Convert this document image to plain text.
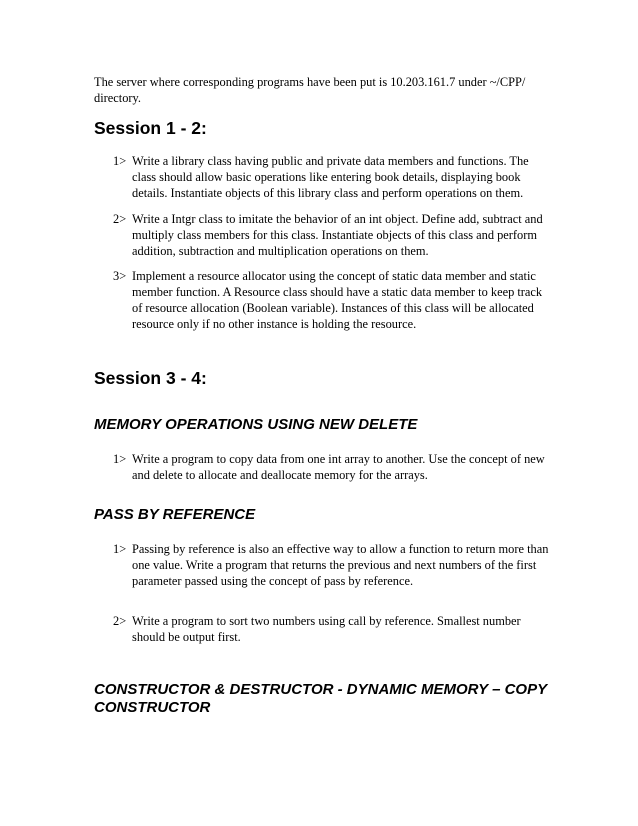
The server where corresponding programs have been put is 10.203.161.7 under ~/CPP/ directory.
Session 1 - 2:
1> Write a library class having public and private data members and functions. The class should allow basic operations like entering book details, displaying book details. Instantiate objects of this library class and perform operations on them.
2> Write a Intgr class to imitate the behavior of an int object. Define add, subtract and multiply class members for this class. Instantiate objects of this class and perform addition, subtraction and multiplication operations on them.
3> Implement a resource allocator using the concept of static data member and static member function. A Resource class should have a static data member to keep track of resource allocation (Boolean variable). Instances of this class will be allocated resource only if no other instance is holding the resource.
Session 3 - 4:
MEMORY OPERATIONS USING NEW DELETE
1> Write a program to copy data from one int array to another. Use the concept of new and delete to allocate and deallocate memory for the arrays.
PASS BY REFERENCE
1> Passing by reference is also an effective way to allow a function to return more than one value. Write a program that returns the previous and next numbers of the first parameter passed using the concept of pass by reference.
2> Write a program to sort two numbers using call by reference. Smallest number should be output first.
CONSTRUCTOR & DESTRUCTOR - DYNAMIC MEMORY – COPY CONSTRUCTOR
